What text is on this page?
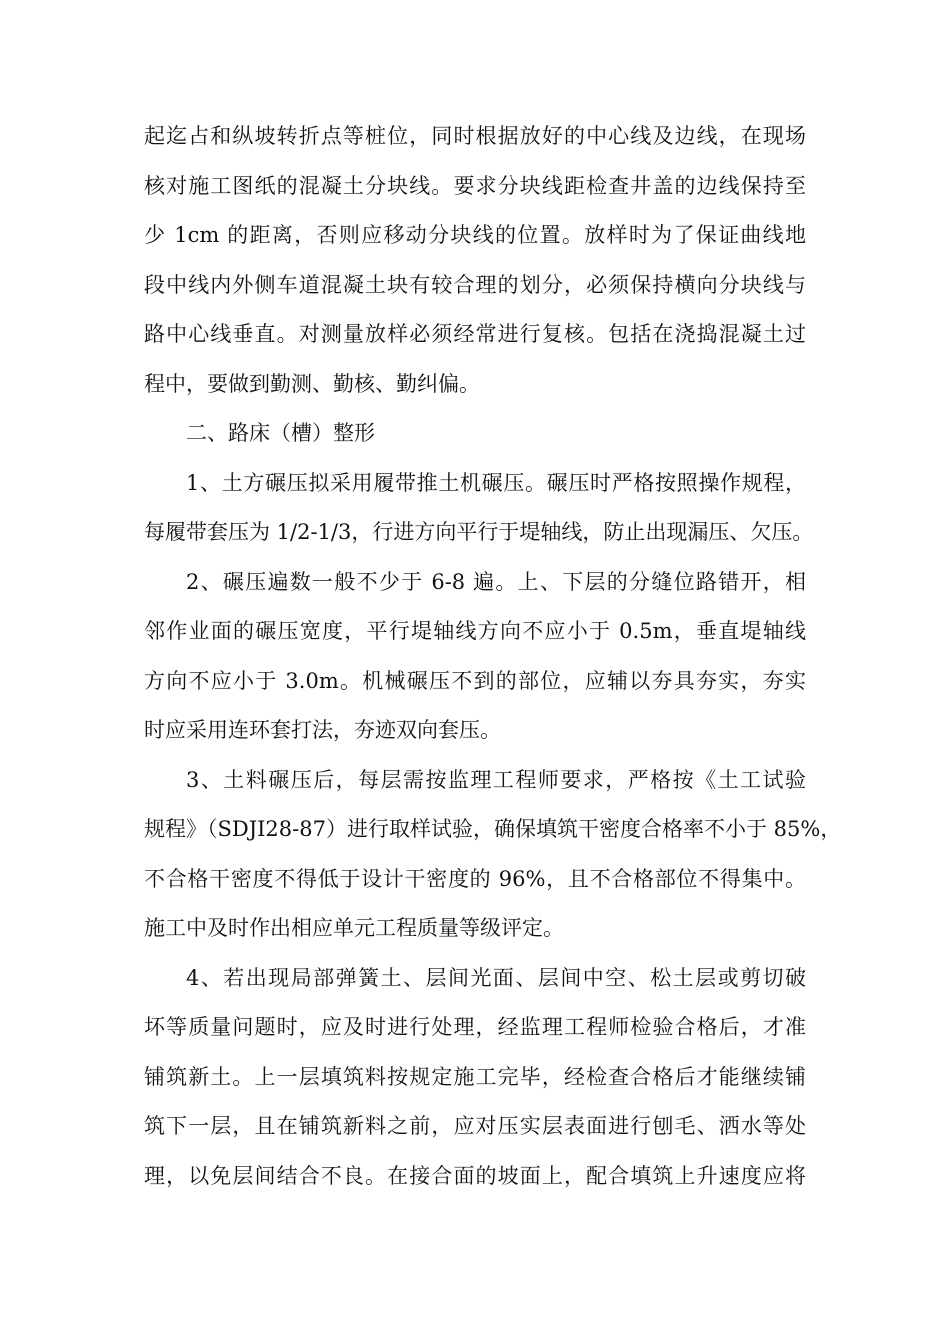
起迄占和纵坡转折点等桩位，同时根据放好的中心线及边线，在现场
核对施工图纸的混凝土分块线。要求分块线距检查井盖的边线保持至
少 1cm 的距离，否则应移动分块线的位置。放样时为了保证曲线地
段中线内外侧车道混凝土块有较合理的划分，必须保持横向分块线与
路中心线垂直。对测量放样必须经常进行复核。包括在浇捣混凝土过
程中，要做到勤测、勤核、勤纠偏。
二、路床（槽）整形
1、土方碾压拟采用履带推土机碾压。碾压时严格按照操作规程，
每履带套压为 1/2-1/3，行进方向平行于堤轴线，防止出现漏压、欠压。
2、碾压遍数一般不少于 6-8 遍。上、下层的分缝位路错开，相
邻作业面的碾压宽度，平行堤轴线方向不应小于 0.5m，垂直堤轴线
方向不应小于 3.0m。机械碾压不到的部位，应辅以夯具夯实，夯实
时应采用连环套打法，夯迹双向套压。
3、土料碾压后，每层需按监理工程师要求，严格按《土工试验
规程》（SDJI28-87）进行取样试验，确保填筑干密度合格率不小于 85%，
不合格干密度不得低于设计干密度的 96%，且不合格部位不得集中。
施工中及时作出相应单元工程质量等级评定。
4、若出现局部弹簧土、层间光面、层间中空、松土层或剪切破
坏等质量问题时，应及时进行处理，经监理工程师检验合格后，才准
铺筑新土。上一层填筑料按规定施工完毕，经检查合格后才能继续铺
筑下一层，且在铺筑新料之前，应对压实层表面进行刨毛、洒水等处
理，以免层间结合不良。在接合面的坡面上，配合填筑上升速度应将
